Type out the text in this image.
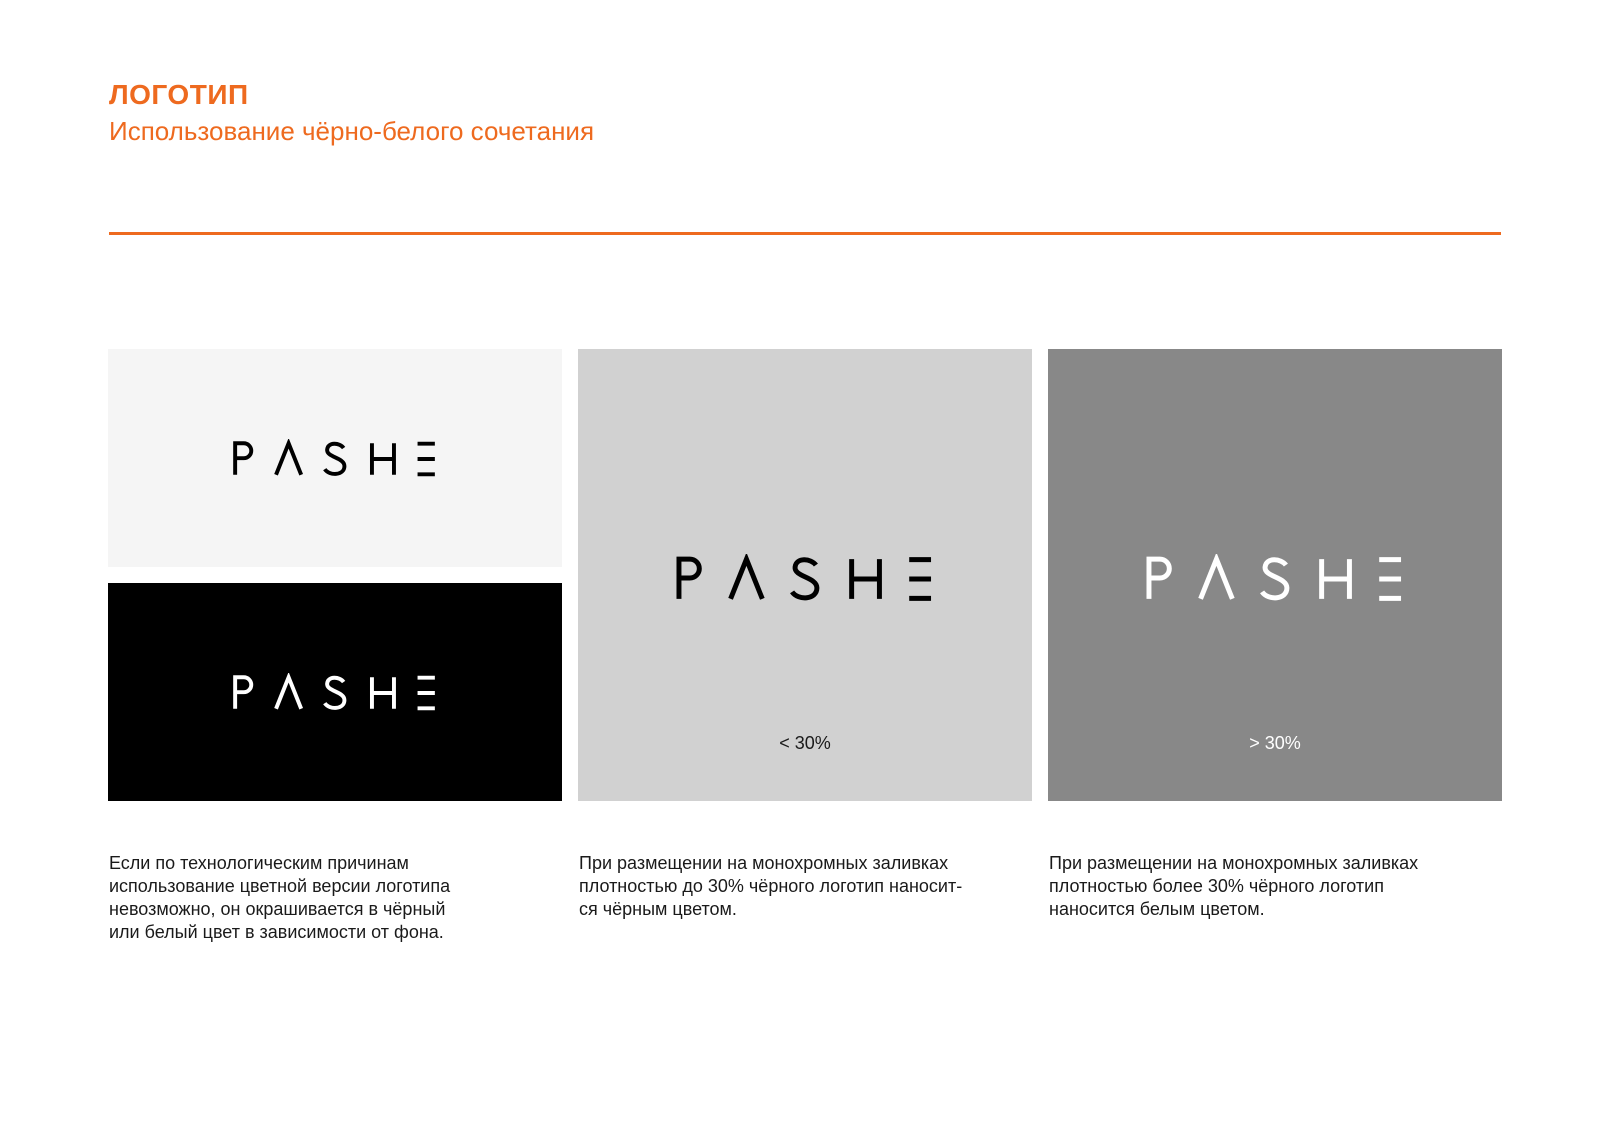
ЛОГОТИП
Использование чёрно-белого сочетания
< 30%	> 30%
Если по технологическим причинам
использование цветной версии логотипа
невозможно, он окрашивается в чёрный
или белый цвет в зависимости от фона.
При размещении на монохромных заливках
плотностью до 30% чёрного логотип наносит-
ся чёрным цветом.
При размещении на монохромных заливках
плотностью более 30% чёрного логотип
наносится белым цветом.
